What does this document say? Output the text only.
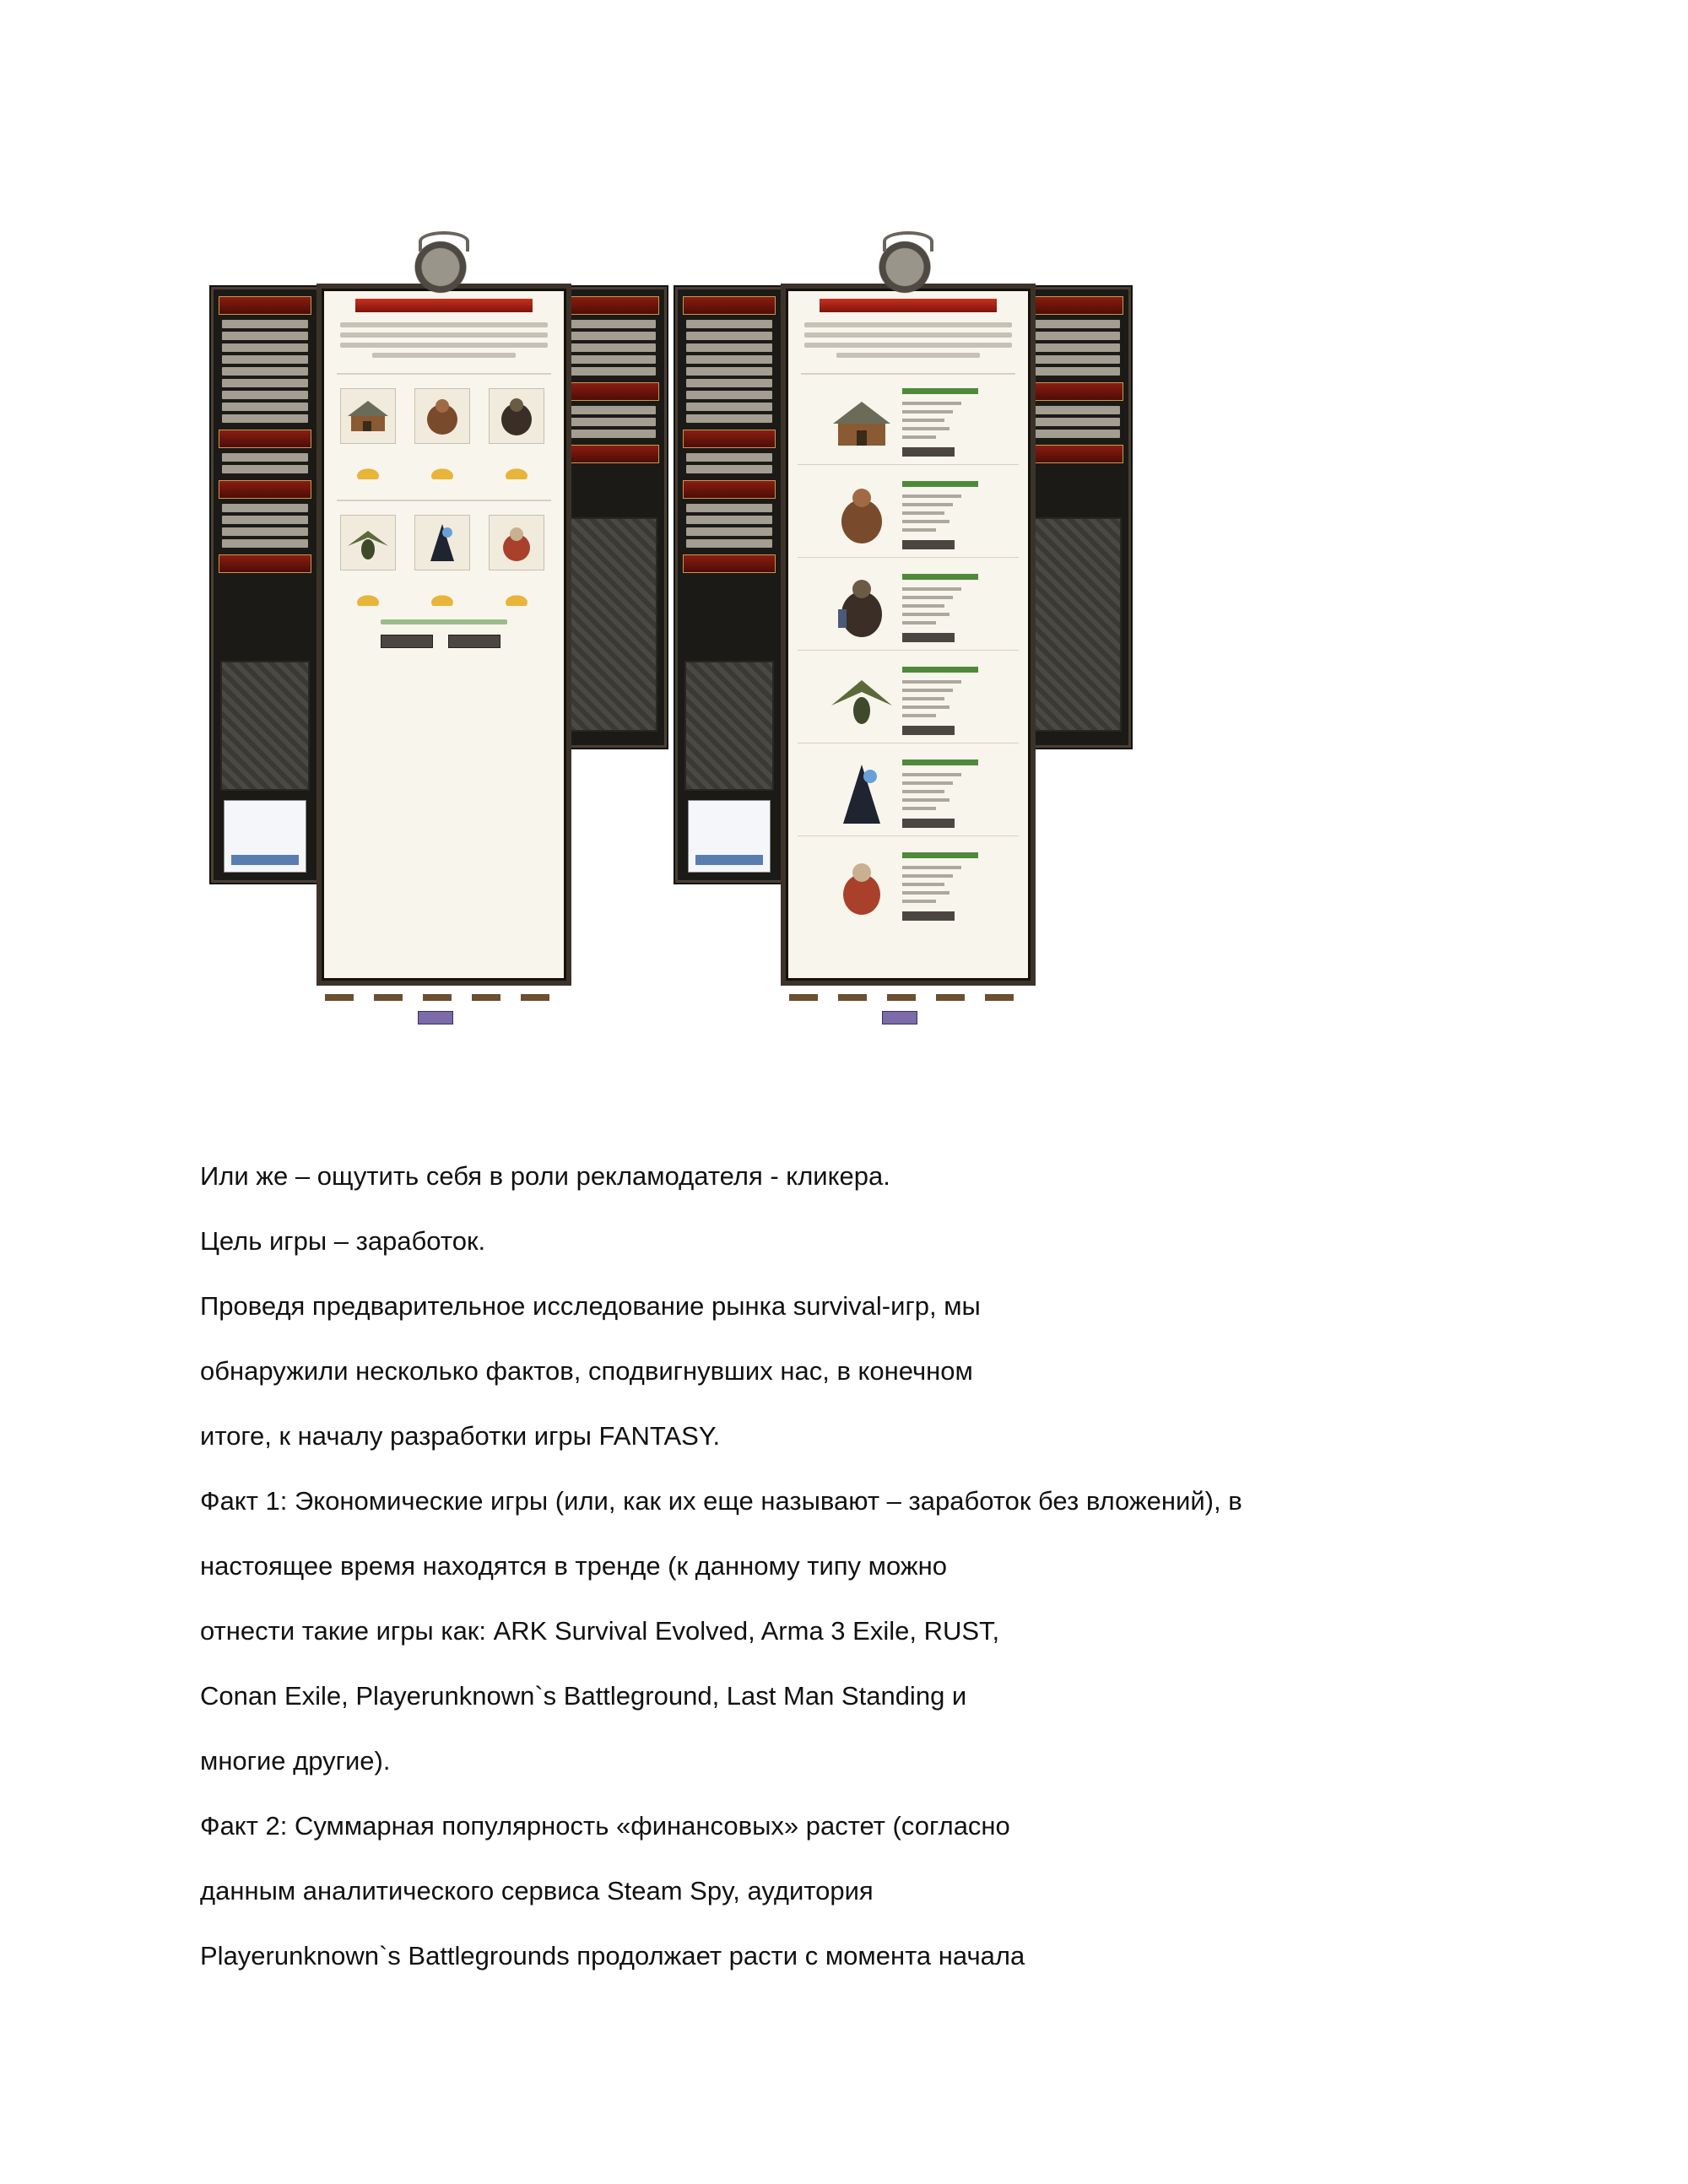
Или же – ощутить себя в роли рекламодателя - кликера.

Цель игры – заработок.

Проведя предварительное исследование рынка survival-игр, мы

обнаружили несколько фактов, сподвигнувших нас, в конечном

итоге, к началу разработки игры FANTASY.

Факт 1: Экономические игры (или, как их еще называют – заработок без вложений), в

настоящее время находятся в тренде (к данному типу можно

отнести такие игры как: ARK Survival Evolved, Arma 3 Exile, RUST,

Conan Exile, Playerunknown`s Battleground, Last Man Standing и

многие другие).

Факт 2: Суммарная популярность «финансовых» растет (согласно

данным аналитического сервиса Steam Spy, аудитория

Playerunknown`s Battlegrounds продолжает расти с момента начала
